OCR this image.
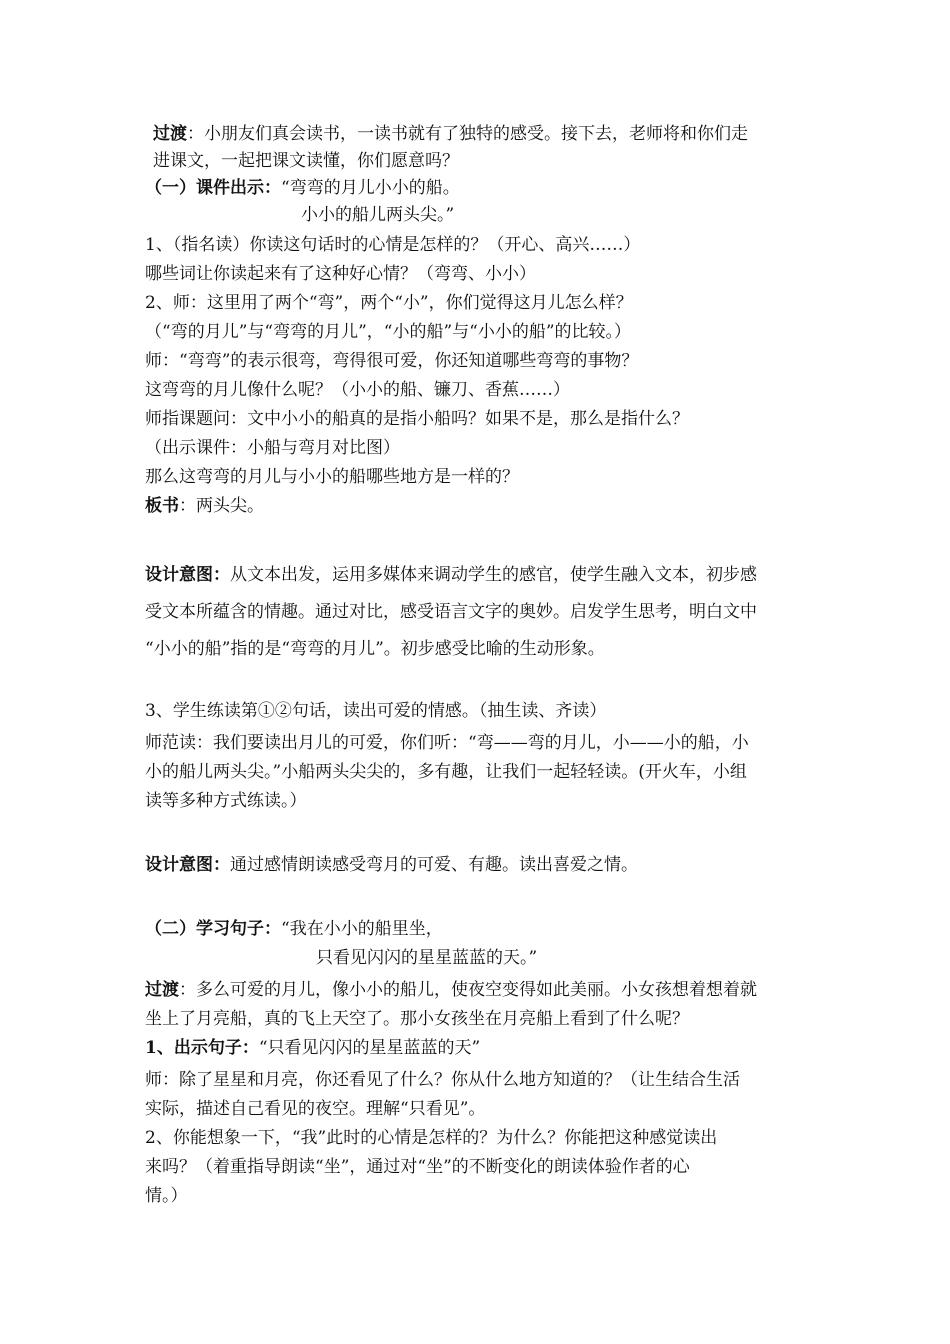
过渡：小朋友们真会读书，一读书就有了独特的感受。接下去，老师将和你们走
进课文，一起把课文读懂，你们愿意吗？
（一）课件出示：“弯弯的月儿小小的船。
小小的船儿两头尖。”
1、（指名读）你读这句话时的心情是怎样的？（开心、高兴……）
哪些词让你读起来有了这种好心情？（弯弯、小小）
2、师：这里用了两个“弯”，两个“小”，你们觉得这月儿怎么样？
（“弯的月儿”与“弯弯的月儿”，“小的船”与“小小的船”的比较。）
师：“弯弯”的表示很弯，弯得很可爱，你还知道哪些弯弯的事物？
这弯弯的月儿像什么呢？（小小的船、镰刀、香蕉……）
师指课题问：文中小小的船真的是指小船吗？如果不是，那么是指什么？
（出示课件：小船与弯月对比图）
那么这弯弯的月儿与小小的船哪些地方是一样的？
板书：两头尖。
设计意图：从文本出发，运用多媒体来调动学生的感官，使学生融入文本，初步感
受文本所蕴含的情趣。通过对比，感受语言文字的奥妙。启发学生思考，明白文中
“小小的船”指的是“弯弯的月儿”。初步感受比喻的生动形象。
3、学生练读第①②句话，读出可爱的情感。（抽生读、齐读）
师范读：我们要读出月儿的可爱，你们听：“弯——弯的月儿，小——小的船，小
小的船儿两头尖。”小船两头尖尖的，多有趣，让我们一起轻轻读。(开火车，小组
读等多种方式练读。）
设计意图：通过感情朗读感受弯月的可爱、有趣。读出喜爱之情。
（二）学习句子：“我在小小的船里坐，
只看见闪闪的星星蓝蓝的天。”
过渡：多么可爱的月儿，像小小的船儿，使夜空变得如此美丽。小女孩想着想着就
坐上了月亮船，真的飞上天空了。那小女孩坐在月亮船上看到了什么呢？
1、出示句子：“只看见闪闪的星星蓝蓝的天”
师：除了星星和月亮，你还看见了什么？你从什么地方知道的？（让生结合生活
实际，描述自己看见的夜空。理解“只看见”。
2、你能想象一下，“我”此时的心情是怎样的？为什么？你能把这种感觉读出
来吗？（着重指导朗读“坐”，通过对“坐”的不断变化的朗读体验作者的心
情。）
